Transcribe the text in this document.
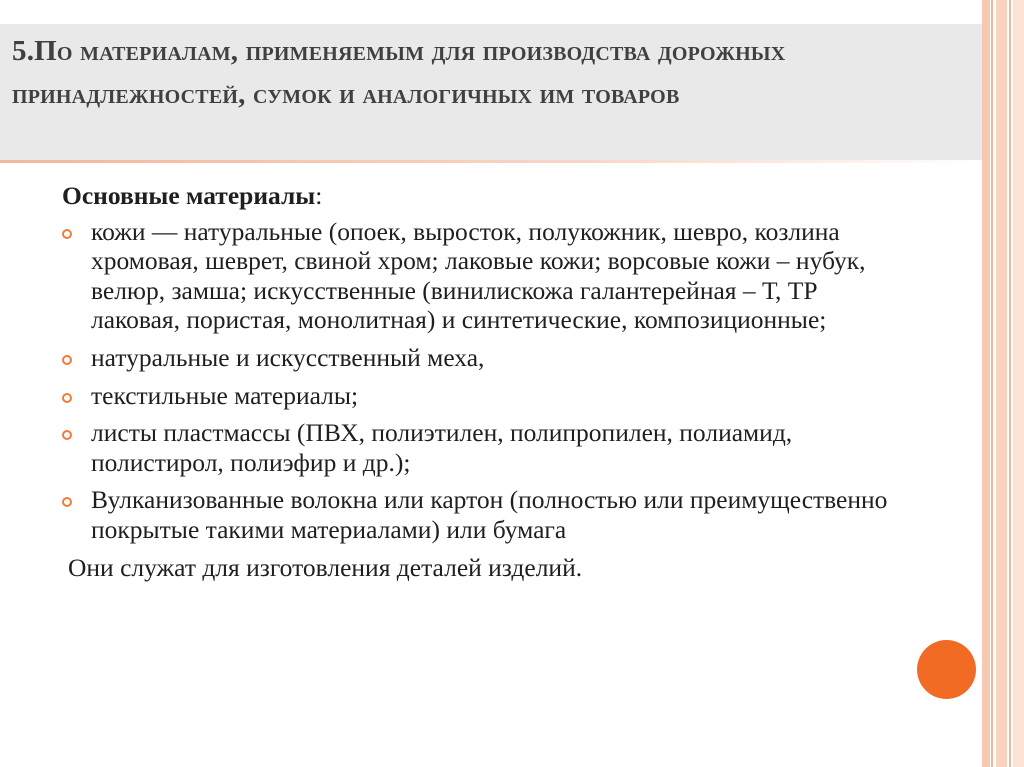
5.По материалам, применяемым для производства дорожных принадлежностей, сумок и аналогичных им товаров

Основные материалы:

кожи — натуральные (опоек, выросток, полукожник, шевро, козлина хромовая, шеврет, свиной хром; лаковые кожи; ворсовые кожи – нубук, велюр, замша; искусственные (винилискожа галантерейная – Т, ТР лаковая, пористая, монолитная) и синтетические, композиционные;
натуральные и искусственный меха,
текстильные материалы;
листы пластмассы (ПВХ, полиэтилен, полипропилен, полиамид, полистирол, полиэфир и др.);
Вулканизованные волокна или картон (полностью или преимущественно покрытые такими материалами) или бумага

Они служат для изготовления деталей изделий.
